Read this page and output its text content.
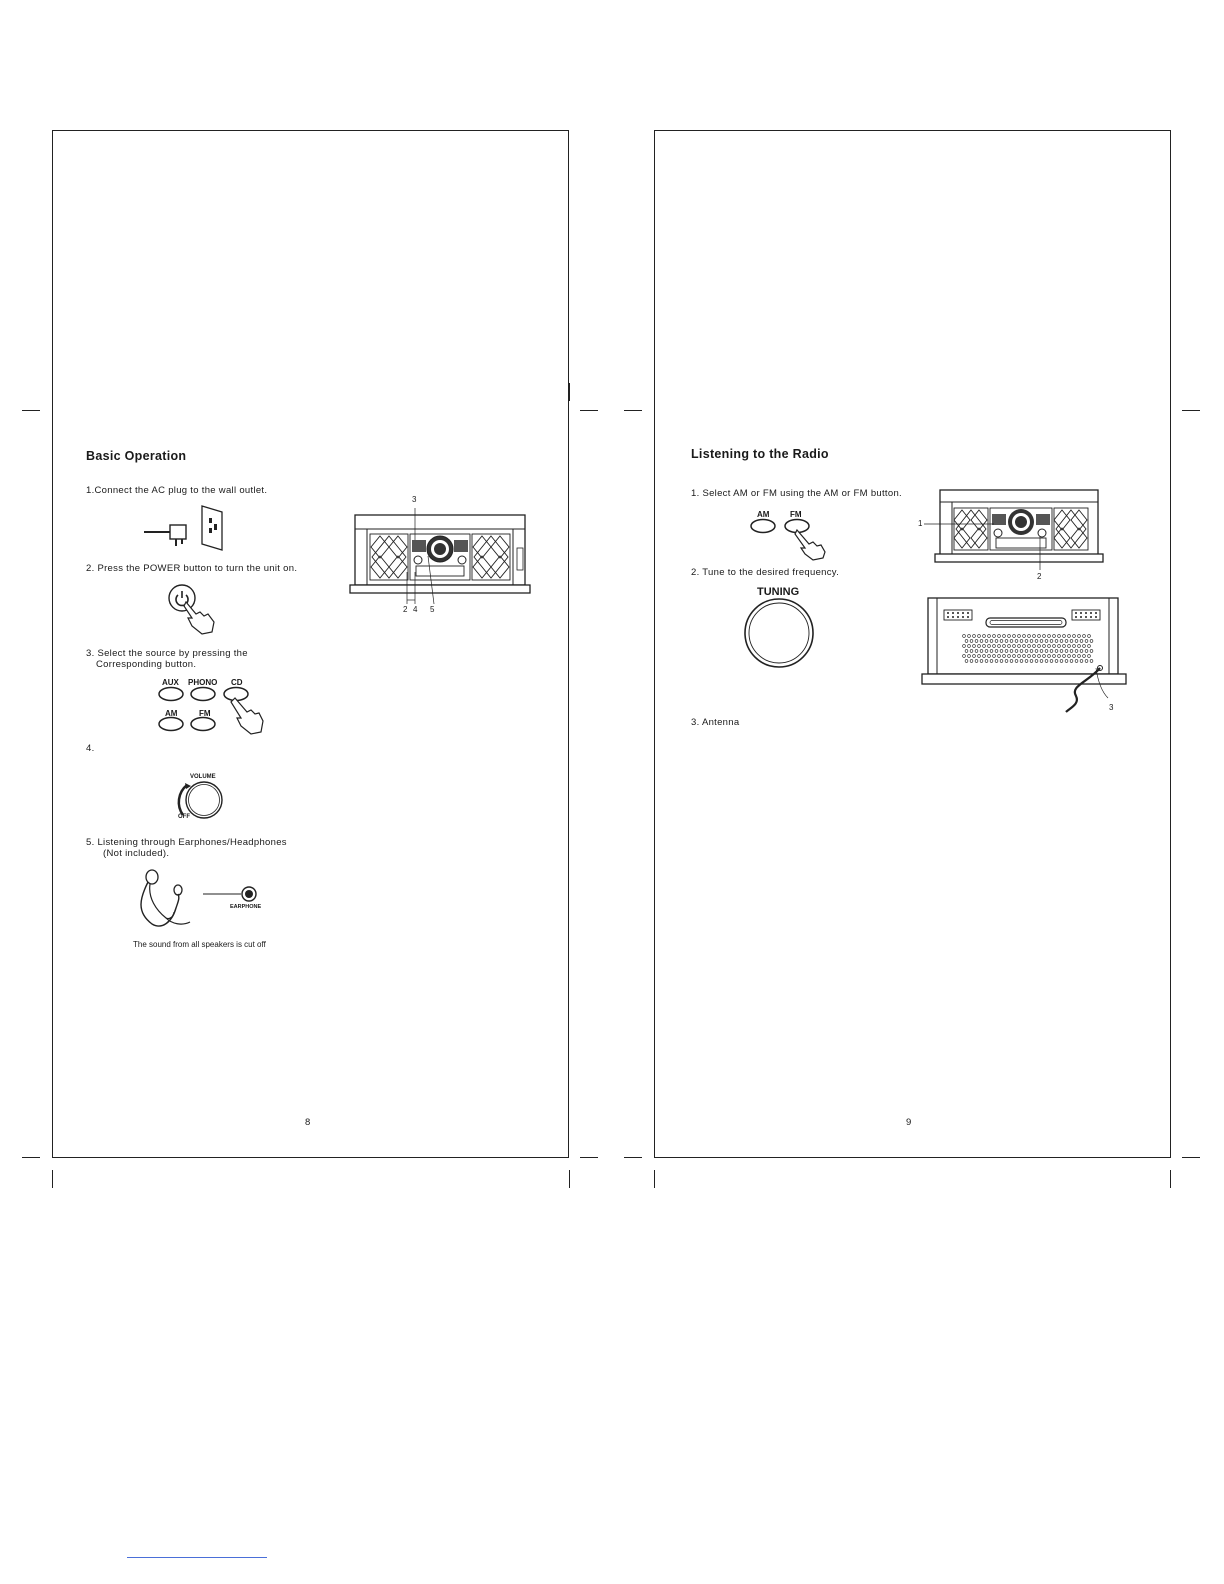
Basic Operation
1.Connect the AC plug to the wall outlet.
2. Press the POWER button to turn the unit on.
3. Select the source by pressing the
Corresponding button.
AUX PHONO CD
AM	FM
4.
VOLUME
OFF
5. Listening through Earphones/Headphones
(Not included).
EARPHONE
The sound from all speakers is cut off
3
2 4 5
8
Listening to the Radio
1. Select AM or FM using the AM or FM button.
AM	FM
2. Tune to the desired frequency.
TUNING
3. Antenna
1
2
3
9
